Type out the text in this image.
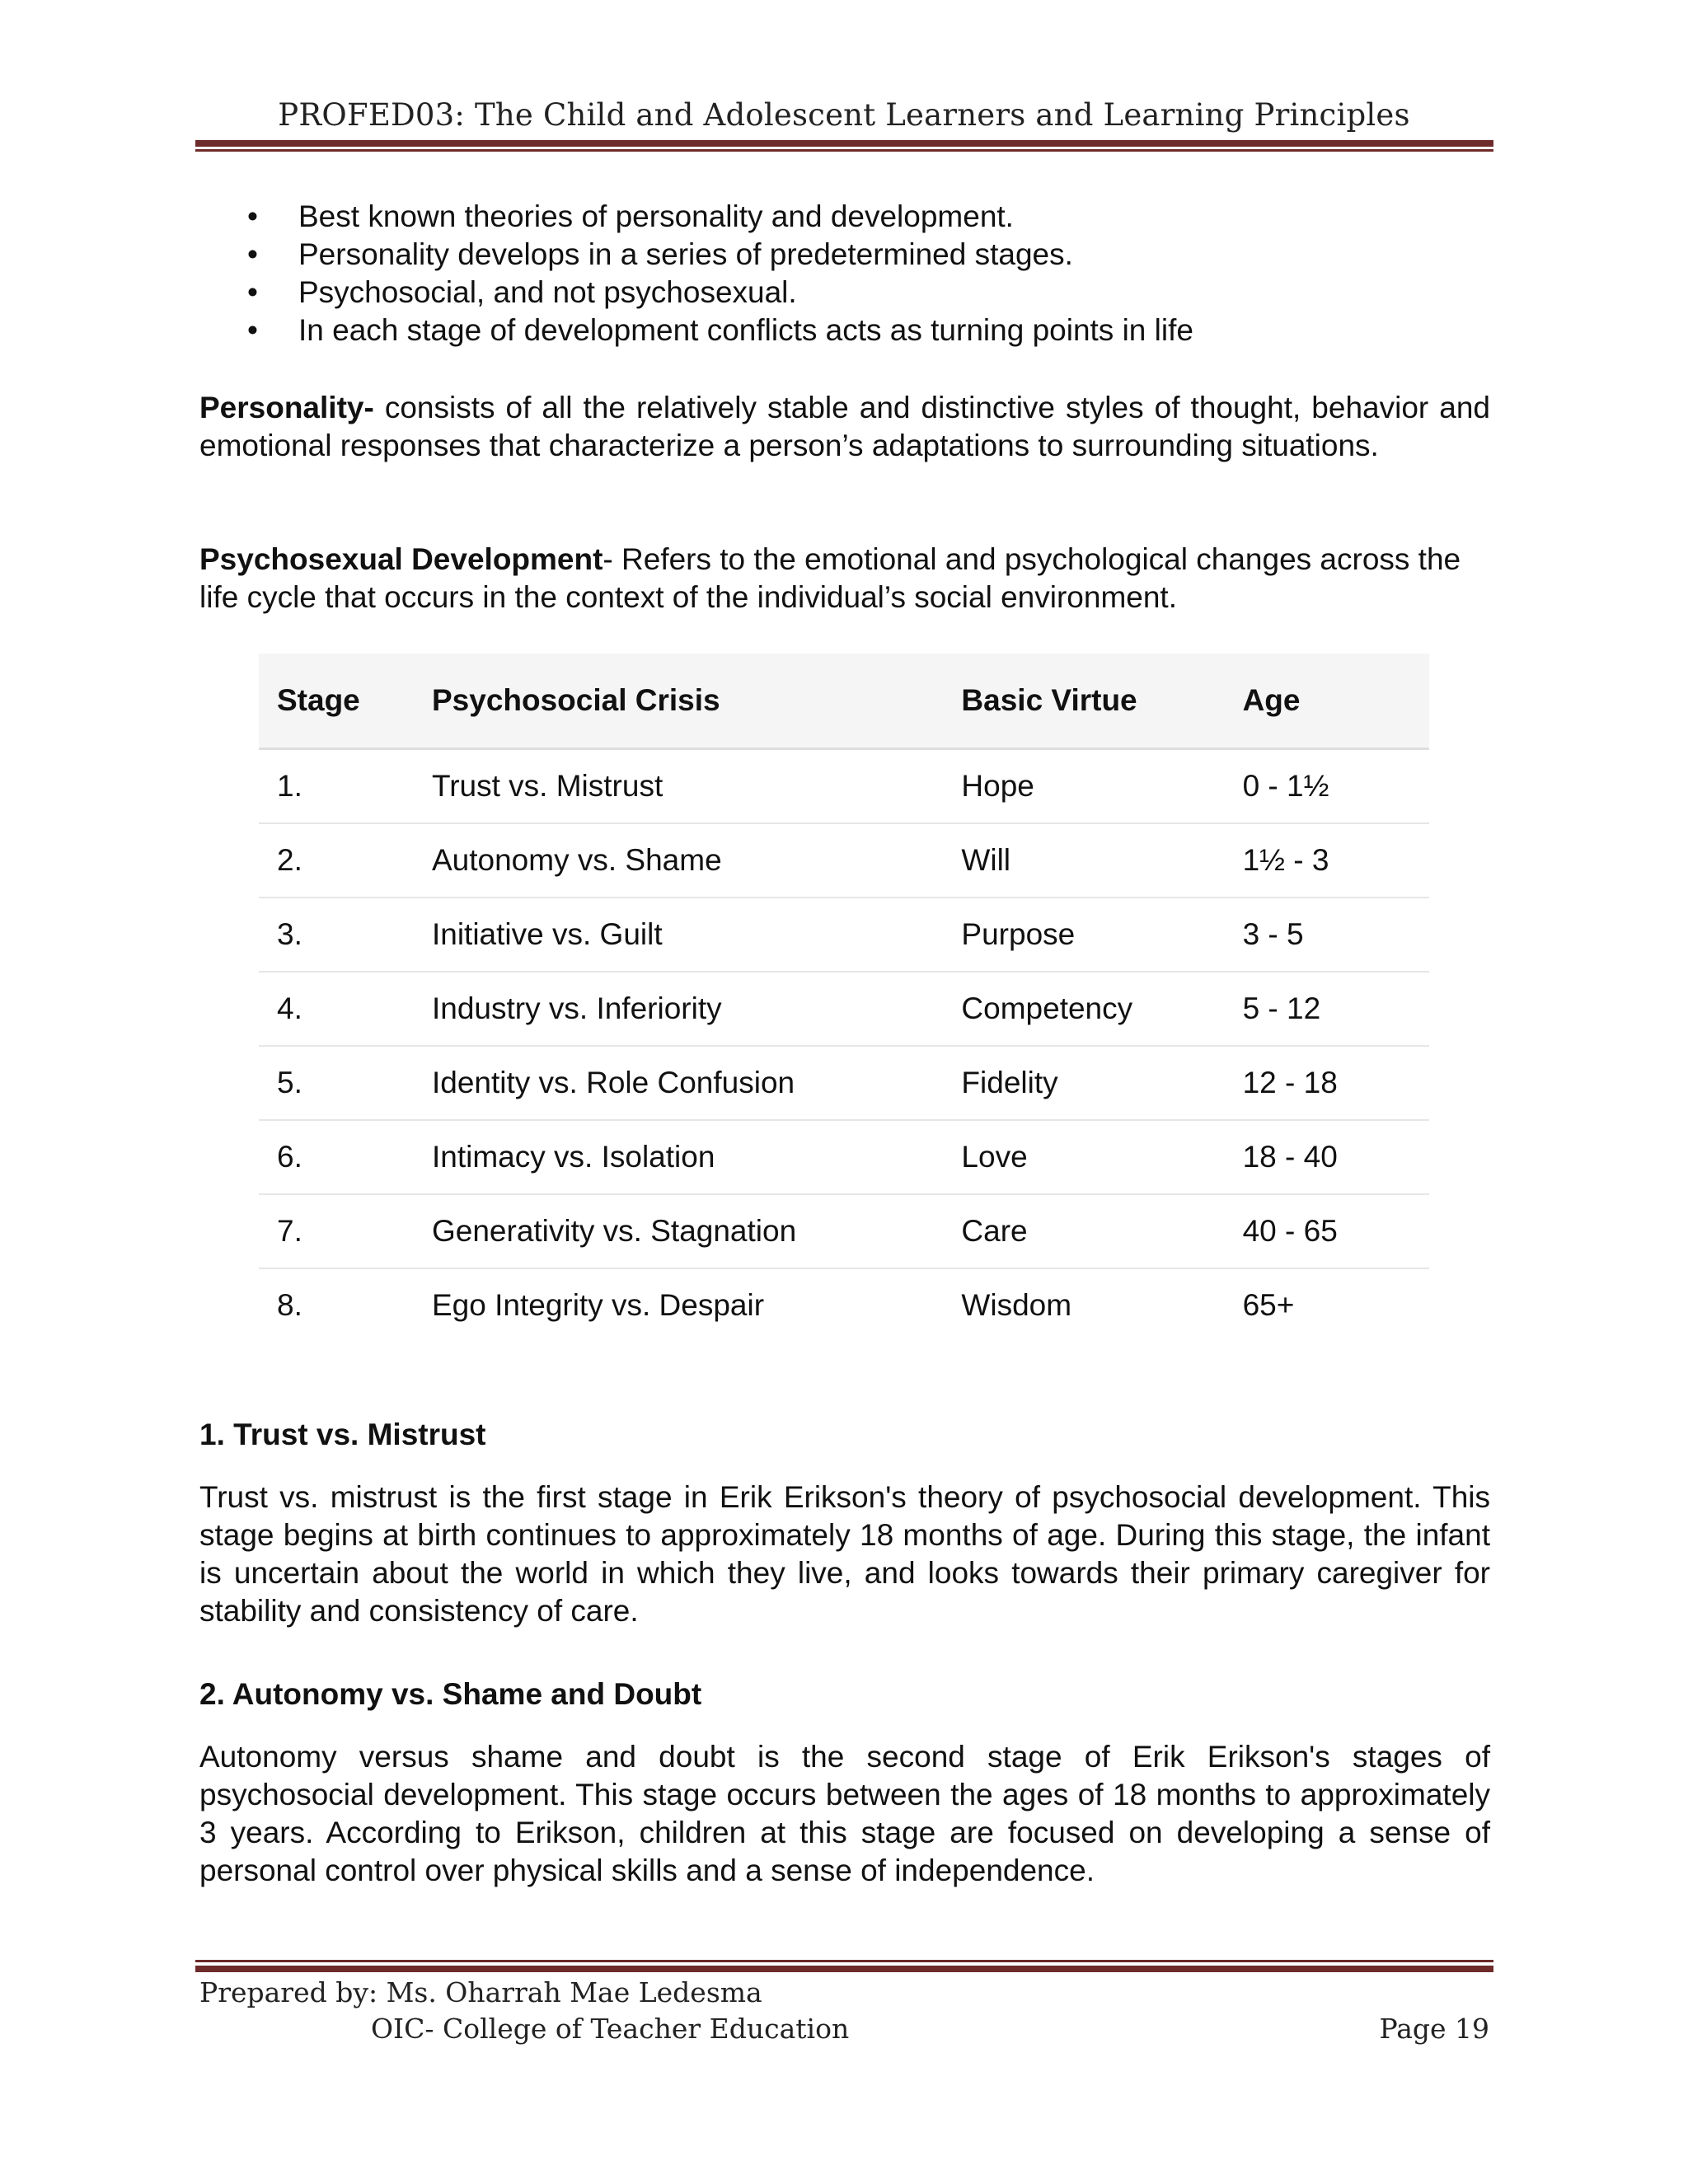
PROFED03: The Child and Adolescent Learners and Learning Principles
• Best known theories of personality and development.
• Personality develops in a series of predetermined stages.
• Psychosocial, and not psychosexual.
• In each stage of development conflicts acts as turning points in life
Personality- consists of all the relatively stable and distinctive styles of thought, behavior and emotional responses that characterize a person’s adaptations to surrounding situations.
Psychosexual Development- Refers to the emotional and psychological changes across the life cycle that occurs in the context of the individual’s social environment.
Stage	Psychosocial Crisis	Basic Virtue	Age
1.	Trust vs. Mistrust	Hope	0 - 1½
2.	Autonomy vs. Shame	Will	1½ - 3
3.	Initiative vs. Guilt	Purpose	3 - 5
4.	Industry vs. Inferiority	Competency	5 - 12
5.	Identity vs. Role Confusion	Fidelity	12 - 18
6.	Intimacy vs. Isolation	Love	18 - 40
7.	Generativity vs. Stagnation	Care	40 - 65
8.	Ego Integrity vs. Despair	Wisdom	65+
1. Trust vs. Mistrust
Trust vs. mistrust is the first stage in Erik Erikson's theory of psychosocial development. This stage begins at birth continues to approximately 18 months of age. During this stage, the infant is uncertain about the world in which they live, and looks towards their primary caregiver for stability and consistency of care.
2. Autonomy vs. Shame and Doubt
Autonomy versus shame and doubt is the second stage of Erik Erikson's stages of psychosocial development. This stage occurs between the ages of 18 months to approximately 3 years. According to Erikson, children at this stage are focused on developing a sense of personal control over physical skills and a sense of independence.
Prepared by: Ms. Oharrah Mae Ledesma
OIC- College of Teacher Education	Page 19
